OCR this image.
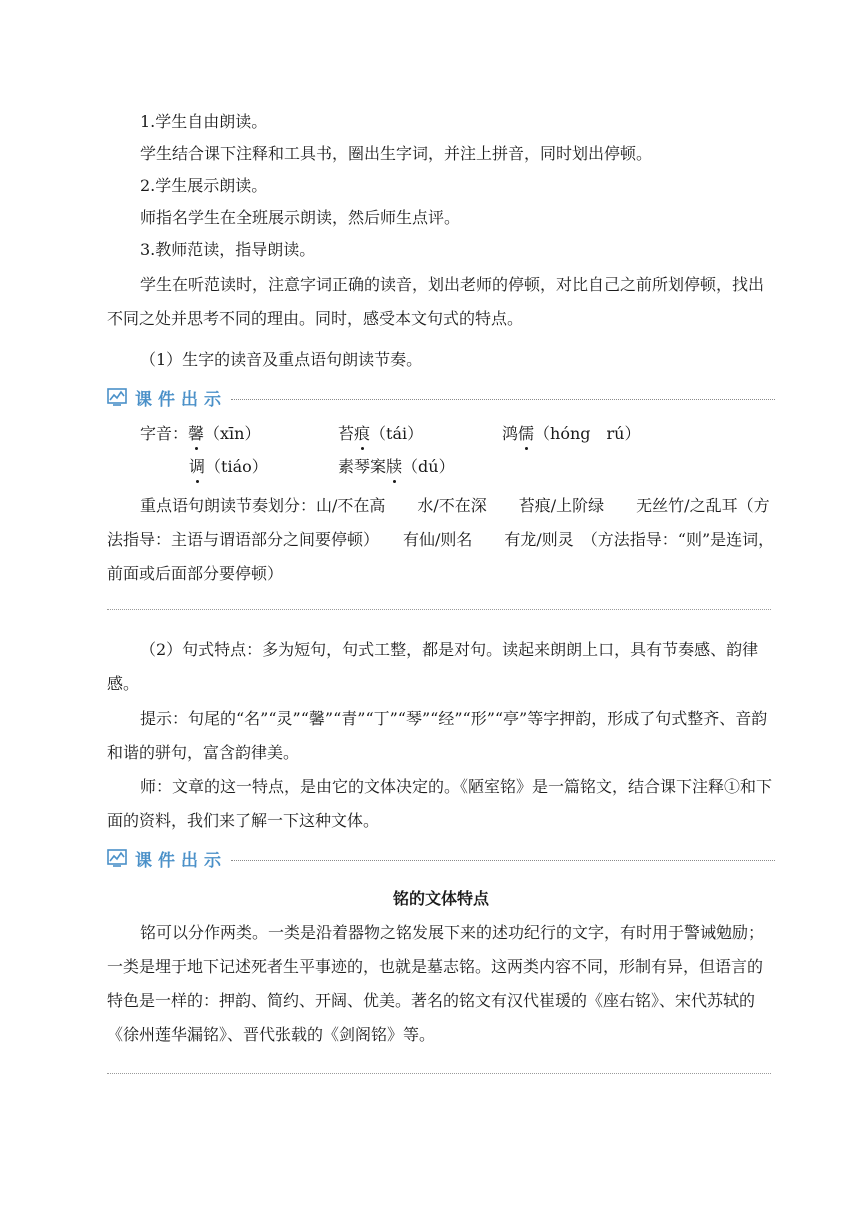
1.学生自由朗读。

学生结合课下注释和工具书，圈出生字词，并注上拼音，同时划出停顿。

2.学生展示朗读。

师指名学生在全班展示朗读，然后师生点评。

3.教师范读，指导朗读。

学生在听范读时，注意字词正确的读音，划出老师的停顿，对比自己之前所划停顿，找出不同之处并思考不同的理由。同时，感受本文句式的特点。

（1）生字的读音及重点语句朗读节奏。

课件出示
字音：馨（xīn）	苔痕（tái）	鸿儒（hóng　rú）
调（tiáo）	素琴案牍（dú）

重点语句朗读节奏划分：山/不在高　　水/不在深　　苔痕/上阶绿　　无丝竹/之乱耳（方法指导：主语与谓语部分之间要停顿）　　有仙/则名　　有龙/则灵　（方法指导：“则”是连词，前面或后面部分要停顿）

（2）句式特点：多为短句，句式工整，都是对句。读起来朗朗上口，具有节奏感、韵律感。

提示：句尾的“名”“灵”“馨”“青”“丁”“琴”“经”“形”“亭”等字押韵，形成了句式整齐、音韵和谐的骈句，富含韵律美。

师：文章的这一特点，是由它的文体决定的。《陋室铭》是一篇铭文，结合课下注释①和下面的资料，我们来了解一下这种文体。

课件出示
铭的文体特点

铭可以分作两类。一类是沿着器物之铭发展下来的述功纪行的文字，有时用于警诫勉励；一类是埋于地下记述死者生平事迹的，也就是墓志铭。这两类内容不同，形制有异，但语言的特色是一样的：押韵、简约、开阔、优美。著名的铭文有汉代崔瑗的《座右铭》、宋代苏轼的《徐州莲华漏铭》、晋代张载的《剑阁铭》等。
